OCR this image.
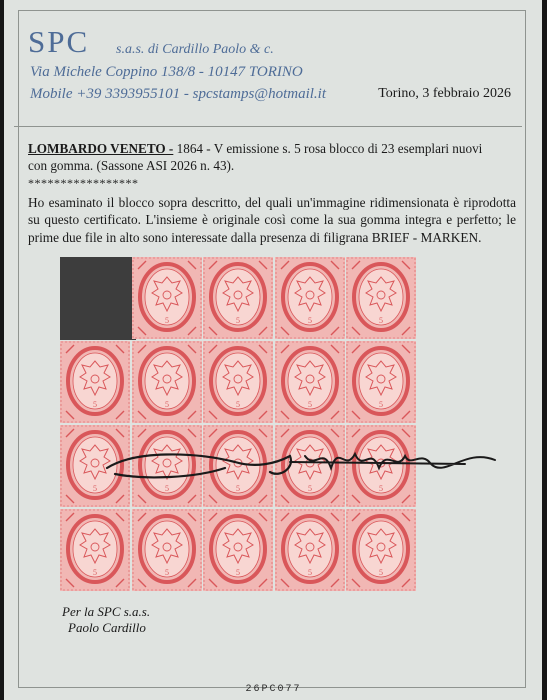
SPC s.a.s. di Cardillo Paolo & c.
Via Michele Coppino 138/8 - 10147 TORINO
Mobile +39 3393955101 - spcstamps@hotmail.it	Torino, 3 febbraio 2026
LOMBARDO VENETO - 1864 - V emissione s. 5 rosa blocco di 23 esemplari nuovi
con gomma. (Sassone ASI 2026 n. 43).
*****************
Ho esaminato il blocco sopra descritto, del quali un'immagine ridimensionata è riprodotta su questo certificato. L'insieme è originale così come la sua gomma integra e perfetto; le prime due file in alto sono interessate dalla presenza di filigrana BRIEF - MARKEN.
5	5	5	5
5	5	5	5	5
5	5	5	5	5
5	5	5	5	5
Per la SPC s.a.s.
Paolo Cardillo
26PC077
